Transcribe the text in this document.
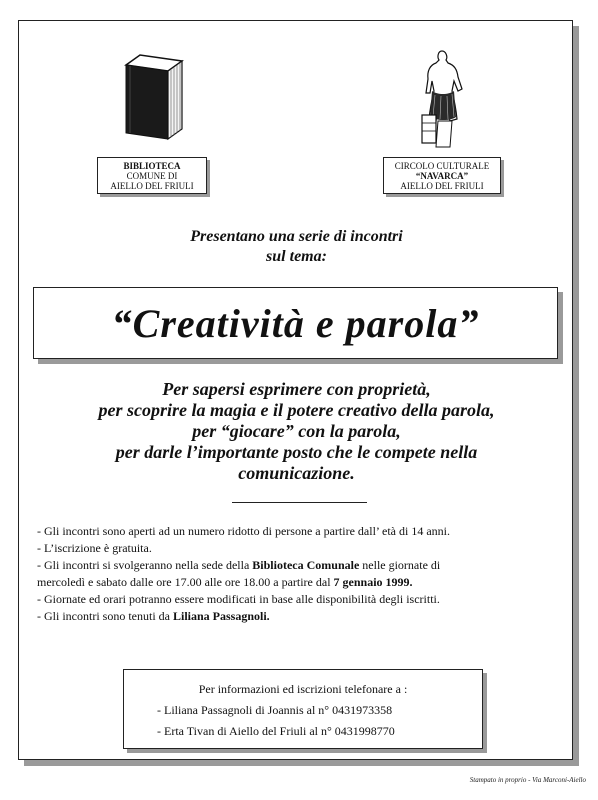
BIBLIOTECA
COMUNE DI
AIELLO DEL FRIULI
CIRCOLO CULTURALE
“NAVARCA”
AIELLO DEL FRIULI
Presentano una serie di incontri
sul tema:
“Creatività e parola”
Per sapersi esprimere con proprietà,
per scoprire la magia e il potere creativo della parola,
per “giocare” con la parola,
per darle l’importante posto che le compete nella
comunicazione.
- Gli incontri sono aperti ad un numero ridotto di persone a partire dall’ età di 14 anni.
- L’iscrizione è gratuita.
- Gli incontri si svolgeranno nella sede della Biblioteca Comunale nelle giornate di
mercoledì e sabato dalle ore 17.00 alle ore 18.00 a partire dal 7 gennaio 1999.
- Giornate ed orari potranno essere modificati in base alle disponibilità degli iscritti.
- Gli incontri sono tenuti da Liliana Passagnoli.
Per informazioni ed iscrizioni telefonare a :
- Liliana Passagnoli di Joannis al n° 0431973358
- Erta Tivan di Aiello del Friuli al n° 0431998770
Stampato in proprio - Via Marconi-Aiello
